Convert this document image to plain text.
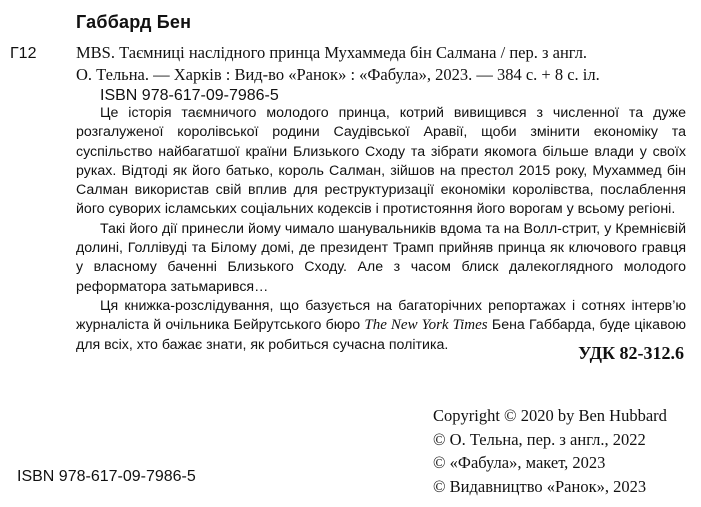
Габбард Бен
Г12 MBS. Таємниці наслідного принца Мухаммеда бін Салмана / пер. з англ.
О. Тельна. — Харків : Вид-во «Ранок» : «Фабула», 2023. — 384 с. + 8 с. іл.
ISBN 978-617-09-7986-5

Це історія таємничого молодого принца, котрий вивищився з численної та дуже розгалуженої королівської родини Саудівської Аравії, щоби змінити економіку та суспільство найбагатшої країни Близького Сходу та зібрати якомога більше влади у своїх руках. Відтоді як його батько, король Салман, зійшов на престол 2015 року, Мухаммед бін Салман використав свій вплив для реструктуризації економіки королівства, послаблення його суворих ісламських соціальних кодексів і протистояння його ворогам у всьому регіоні.

Такі його дії принесли йому чимало шанувальників вдома та на Волл-стрит, у Кремнієвій долині, Голлівуді та Білому домі, де президент Трамп прийняв принца як ключового гравця у власному баченні Близького Сходу. Але з часом блиск далекоглядного молодого реформатора затьмарився…

Ця книжка-розслідування, що базується на багаторічних репортажах і сотнях інтерв’ю журналіста й очільника Бейрутського бюро The New York Times Бена Габбарда, буде цікавою для всіх, хто бажає знати, як робиться сучасна політика.	УДК 82-312.6
Copyright © 2020 by Ben Hubbard
© О. Тельна, пер. з англ., 2022
© «Фабула», макет, 2023
© Видавництво «Ранок», 2023
ISBN 978-617-09-7986-5
